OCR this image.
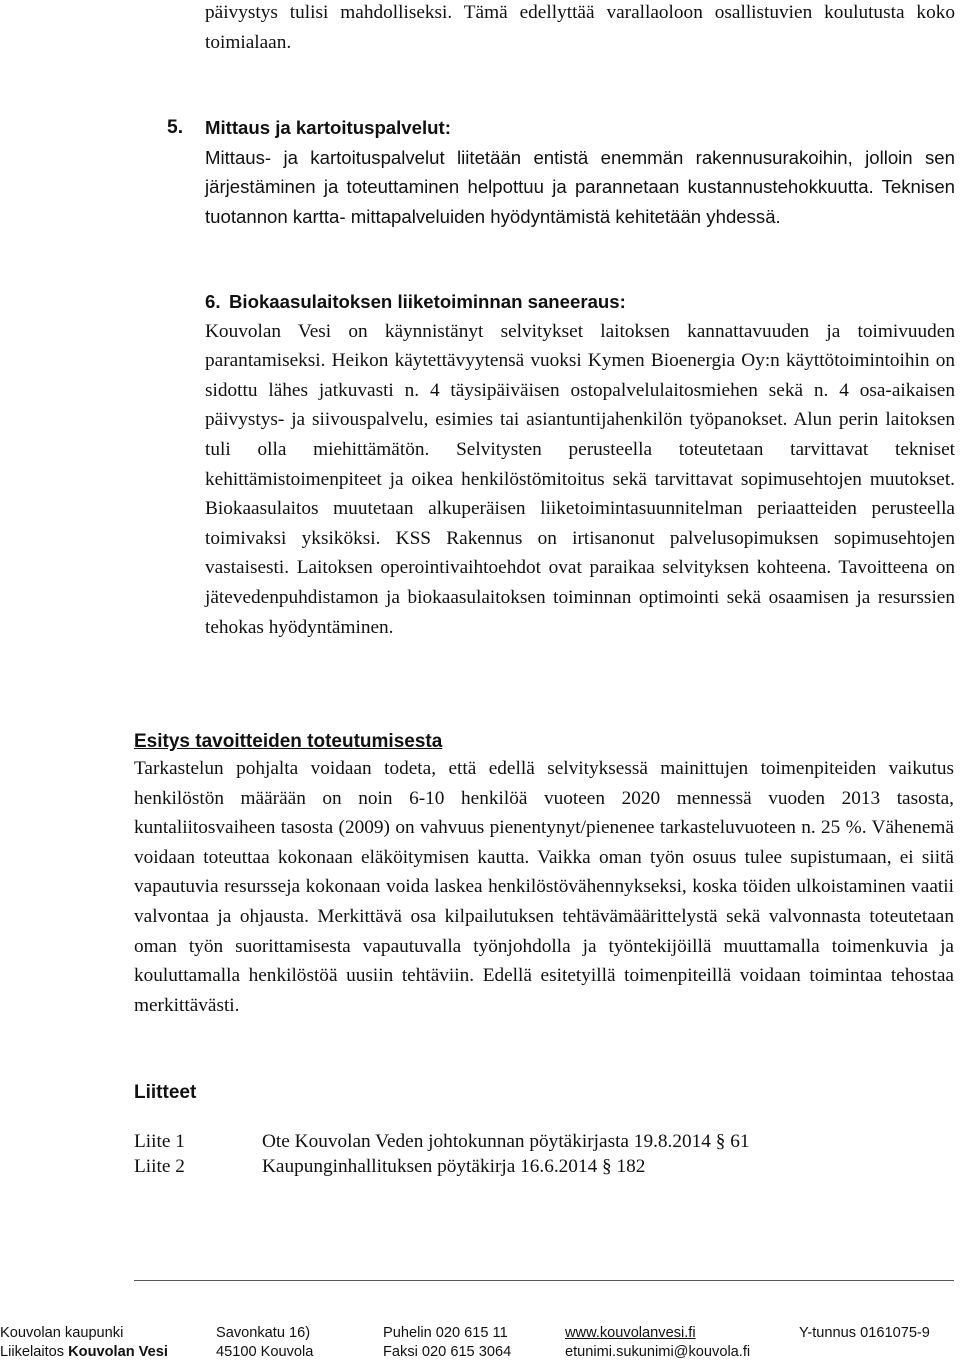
päivystys tulisi mahdolliseksi. Tämä edellyttää varallaoloon osallistuvien koulutusta koko toimialaan.

5. Mittaus ja kartoituspalvelut:
Mittaus- ja kartoituspalvelut liitetään entistä enemmän rakennusurakoihin, jolloin sen järjestäminen ja toteuttaminen helpottuu ja parannetaan kustannustehokkuutta. Teknisen tuotannon kartta- mittapalveluiden hyödyntämistä kehitetään yhdessä.
6. Biokaasulaitoksen liiketoiminnan saneeraus:
Kouvolan Vesi on käynnistänyt selvitykset laitoksen kannattavuuden ja toimivuuden parantamiseksi. Heikon käytettävyytensä vuoksi Kymen Bioenergia Oy:n käyttötoimintoihin on sidottu lähes jatkuvasti n. 4 täysipäiväisen ostopalvelulaitosmiehen sekä n. 4 osa-aikaisen päivystys- ja siivouspalvelu, esimies tai asiantuntijahenkilön työpanokset. Alun perin laitoksen tuli olla miehittämätön. Selvitysten perusteella toteutetaan tarvittavat tekniset kehittämistoimenpiteet ja oikea henkilöstömitoitus sekä tarvittavat sopimusehtojen muutokset. Biokaasulaitos muutetaan alkuperäisen liiketoimintasuunnitelman periaatteiden perusteella toimivaksi yksiköksi. KSS Rakennus on irtisanonut palvelusopimuksen sopimusehtojen vastaisesti. Laitoksen operointivaihtoehdot ovat paraikaa selvityksen kohteena. Tavoitteena on jätevedenpuhdistamon ja biokaasulaitoksen toiminnan optimointi sekä osaamisen ja resurssien tehokas hyödyntäminen.
Esitys tavoitteiden toteutumisesta

Tarkastelun pohjalta voidaan todeta, että edellä selvityksessä mainittujen toimenpiteiden vaikutus henkilöstön määrään on noin 6-10 henkilöä vuoteen 2020 mennessä vuoden 2013 tasosta, kuntaliitosvaiheen tasosta (2009) on vahvuus pienentynyt/pienenee tarkasteluvuoteen n. 25 %. Vähenemä voidaan toteuttaa kokonaan eläköitymisen kautta. Vaikka oman työn osuus tulee supistumaan, ei siitä vapautuvia resursseja kokonaan voida laskea henkilöstövähennykseksi, koska töiden ulkoistaminen vaatii valvontaa ja ohjausta. Merkittävä osa kilpailutuksen tehtävämäärittelystä sekä valvonnasta toteutetaan oman työn suorittamisesta vapautuvalla työnjohdolla ja työntekijöillä muuttamalla toimenkuvia ja kouluttamalla henkilöstöä uusiin tehtäviin. Edellä esitetyillä toimenpiteillä voidaan toimintaa tehostaa merkittävästi.

Liitteet
Liite 1	Ote Kouvolan Veden johtokunnan pöytäkirjasta 19.8.2014 § 61
Liite 2	Kaupunginhallituksen pöytäkirja 16.6.2014 § 182
Kouvolan kaupunki
Liikelaitos Kouvolan Vesi
Savonkatu 16)
45100 Kouvola
Puhelin 020 615 11
Faksi 020 615 3064
www.kouvolanvesi.fi
etunimi.sukunimi@kouvola.fi
Y-tunnus 0161075-9
